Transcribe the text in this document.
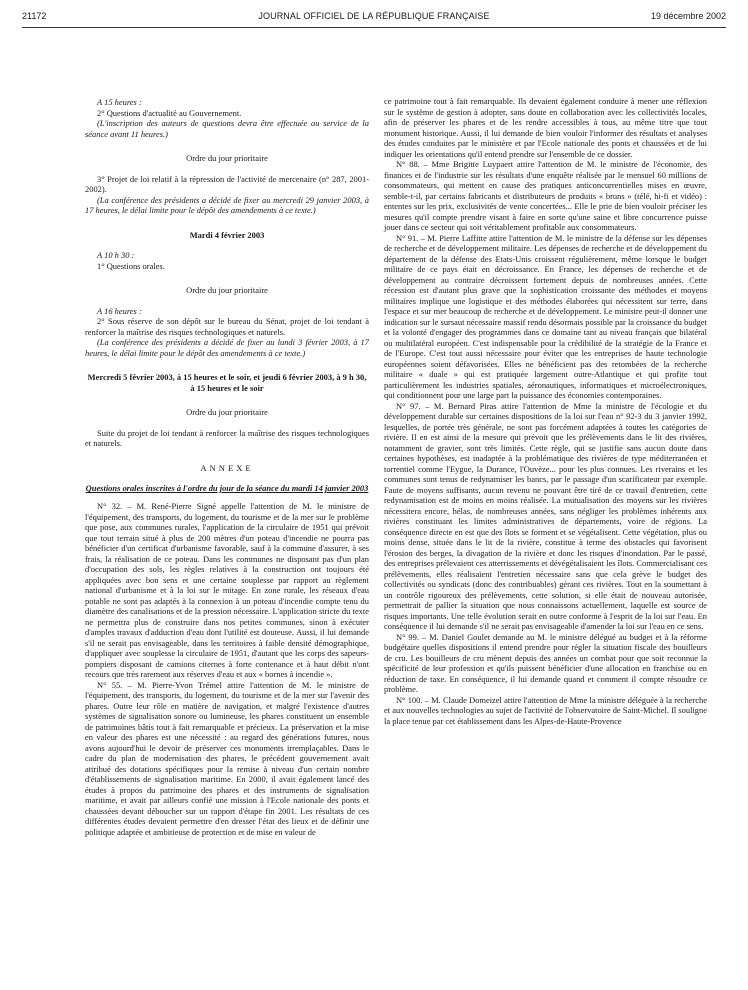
21172	JOURNAL OFFICIEL DE LA RÉPUBLIQUE FRANÇAISE	19 décembre 2002

A 15 heures :

2° Questions d'actualité au Gouvernement.

(L'inscription des auteurs de questions devra être effectuée au service de la séance avant 11 heures.)

Ordre du jour prioritaire

3° Projet de loi relatif à la répression de l'activité de mercenaire (n° 287, 2001-2002).

(La conférence des présidents a décidé de fixer au mercredi 29 janvier 2003, à 17 heures, le délai limite pour le dépôt des amendements à ce texte.)

Mardi 4 février 2003

A 10 h 30 :

1° Questions orales.

Ordre du jour prioritaire

A 16 heures :

2° Sous réserve de son dépôt sur le bureau du Sénat, projet de loi tendant à renforcer la maîtrise des risques technologiques et naturels.

(La conférence des présidents a décidé de fixer au lundi 3 février 2003, à 17 heures, le délai limite pour le dépôt des amendements à ce texte.)

Mercredi 5 février 2003, à 15 heures et le soir, et jeudi 6 février 2003, à 9 h 30, à 15 heures et le soir

Ordre du jour prioritaire

Suite du projet de loi tendant à renforcer la maîtrise des risques technologiques et naturels.

ANNEXE

Questions orales inscrites à l'ordre du jour de la séance du mardi 14 janvier 2003

N° 32. – M. René-Pierre Signé appelle l'attention de M. le ministre de l'équipement, des transports, du logement, du tourisme et de la mer sur le problème que pose, aux communes rurales, l'application de la circulaire de 1951 qui prévoit que tout terrain situé à plus de 200 mètres d'un poteau d'incendie ne pourra pas bénéficier d'un certificat d'urbanisme favorable, sauf à la commune d'assurer, à ses frais, la réalisation de ce poteau. Dans les communes ne disposant pas d'un plan d'occupation des sols, les règles relatives à la construction ont toujours été appliquées avec bon sens et une certaine souplesse par rapport au règlement national d'urbanisme et à la loi sur le mitage. En zone rurale, les réseaux d'eau potable ne sont pas adaptés à la connexion à un poteau d'incendie compte tenu du diamètre des canalisations et de la pression nécessaire. L'application stricte du texte ne permettra plus de construire dans nos petites communes, sinon à exécuter d'amples travaux d'adduction d'eau dont l'utilité est douteuse. Aussi, il lui demande s'il ne serait pas envisageable, dans les territoires à faible densité démographique, d'appliquer avec souplesse la circulaire de 1951, d'autant que les corps des sapeurs-pompiers disposant de camions citernes à forte contenance et à haut débit n'ont recours que très rarement aux réserves d'eau et aux « bornes à incendie ».

N° 55. – M. Pierre-Yvon Trémel attire l'attention de M. le ministre de l'équipement, des transports, du logement, du tourisme et de la mer sur l'avenir des phares. Outre leur rôle en matière de navigation, et malgré l'existence d'autres systèmes de signalisation sonore ou lumineuse, les phares constituent un ensemble de patrimoines bâtis tout à fait remarquable et précieux. La préservation et la mise en valeur des phares est une nécessité : au regard des générations futures, nous avons aujourd'hui le devoir de préserver ces monuments irremplaçables. Dans le cadre du plan de modernisation des phares, le précédent gouvernement avait attribué des dotations spécifiques pour la remise à niveau d'un certain nombre d'établissements de signalisation maritime. En 2000, il avait également lancé des études à propos du patrimoine des phares et des instruments de signalisation maritime, et avait par ailleurs confié une mission à l'Ecole nationale des ponts et chaussées devant déboucher sur un rapport d'étape fin 2001. Les résultats de ces différentes études devaient permettre d'en dresser l'état des lieux et de définir une politique adaptée et ambitieuse de protection et de mise en valeur de

ce patrimoine tout à fait remarquable. Ils devaient également conduire à mener une réflexion sur le système de gestion à adopter, sans doute en collaboration avec les collectivités locales, afin de préserver les phares et de les rendre accessibles à tous, au même titre que tout monument historique. Aussi, il lui demande de bien vouloir l'informer des résultats et analyses des études conduites par le ministère et par l'Ecole nationale des ponts et chaussées et de lui indiquer les orientations qu'il entend prendre sur l'ensemble de ce dossier.

N° 88. – Mme Brigitte Luypaert attire l'attention de M. le ministre de l'économie, des finances et de l'industrie sur les résultats d'une enquête réalisée par le mensuel 60 millions de consommateurs, qui mettent en cause des pratiques anticoncurrentielles mises en œuvre, semble-t-il, par certains fabricants et distributeurs de produits « bruns » (télé, hi-fi et vidéo) : ententes sur les prix, exclusivités de vente concertées... Elle le prie de bien vouloir préciser les mesures qu'il compte prendre visant à faire en sorte qu'une saine et libre concurrence puisse jouer dans ce secteur qui soit véritablement profitable aux consommateurs.

N° 91. – M. Pierre Laffitte attire l'attention de M. le ministre de la défense sur les dépenses de recherche et de développement militaire. Les dépenses de recherche et de développement du département de la défense des Etats-Unis croissent régulièrement, même lorsque le budget militaire de ce pays était en décroissance. En France, les dépenses de recherche et de développement au contraire décroissent fortement depuis de nombreuses années. Cette récession est d'autant plus grave que la sophistication croissante des méthodes et moyens militaires implique une logistique et des méthodes élaborées qui nécessitent sur terre, dans l'espace et sur mer beaucoup de recherche et de développement. Le ministre peut-il donner une indication sur le sursaut nécessaire massif rendu désormais possible par la croissance du budget et la volonté d'engager des programmes dans ce domaine tant au niveau français que bilatéral ou multilatéral européen. C'est indispensable pour la crédibilité de la stratégie de la France et de l'Europe. C'est tout aussi nécessaire pour éviter que les entreprises de haute technologie européennes soient défavorisées. Elles ne bénéficient pas des retombées de la recherche militaire « duale » qui est pratiquée largement outre-Atlantique et qui profite tout particulièrement les industries spatiales, aéronautiques, informatiques et microélectroniques, qui conditionnent pour une large part la puissance des économies contemporaines.

N° 97. – M. Bernard Piras attire l'attention de Mme la ministre de l'écologie et du développement durable sur certaines dispositions de la loi sur l'eau n° 92-3 du 3 janvier 1992, lesquelles, de portée très générale, ne sont pas forcément adaptées à toutes les catégories de rivière. Il en est ainsi de la mesure qui prévoit que les prélèvements dans le lit des rivières, notamment de gravier, sont très limités. Cette règle, qui se justifie sans aucun doute dans certaines hypothèses, est inadaptée à la problématique des rivières de type méditerranéen et torrentiel comme l'Eygue, la Durance, l'Ouvèze... pour les plus connues. Les riverains et les communes sont tenus de redynamiser les bancs, par le passage d'un scarificateur par exemple. Faute de moyens suffisants, aucun revenu ne pouvant être tiré de ce travail d'entretien, cette redynamisation est de moins en moins réalisée. La mutualisation des moyens sur les rivières nécessitera encore, hélas, de nombreuses années, sans négliger les problèmes inhérents aux rivières constituant les limites administratives de départements, voire de régions. La conséquence directe en est que des îlots se forment et se végétalisent. Cette végétation, plus ou moins dense, située dans le lit de la rivière, constitue à terme des obstacles qui favorisent l'érosion des berges, la divagation de la rivière et donc les risques d'inondation. Par le passé, des entreprises prélevaient ces atterrissements et dévégétalisaient les îlots. Commercialisant ces prélèvements, elles réalisaient l'entretien nécessaire sans que cela grève le budget des collectivités ou syndicats (donc des contribuables) gérant ces rivières. Tout en la soumettant à un contrôle rigoureux des prélèvements, cette solution, si elle était de nouveau autorisée, permettrait de pallier la situation que nous connaissons actuellement, laquelle est source de risques importants. Une telle évolution serait en outre conforme à l'esprit de la loi sur l'eau. En conséquence il lui demande s'il ne serait pas envisageable d'amender la loi sur l'eau en ce sens.

N° 99. – M. Daniel Goulet demande au M. le ministre délégué au budget et à la réforme budgétaire quelles dispositions il entend prendre pour régler la situation fiscale des bouilleurs de cru. Les bouilleurs de cru mènent depuis des années un combat pour que soit reconnue la spécificité de leur profession et qu'ils puissent bénéficier d'une allocation en franchise ou en réduction de taxe. En conséquence, il lui demande quand et comment il compte résoudre ce problème.

N° 100. – M. Claude Domeizel attire l'attention de Mme la ministre déléguée à la recherche et aux nouvelles technologies au sujet de l'activité de l'observatoire de Saint-Michel. Il souligne la place tenue par cet établissement dans les Alpes-de-Haute-Provence
